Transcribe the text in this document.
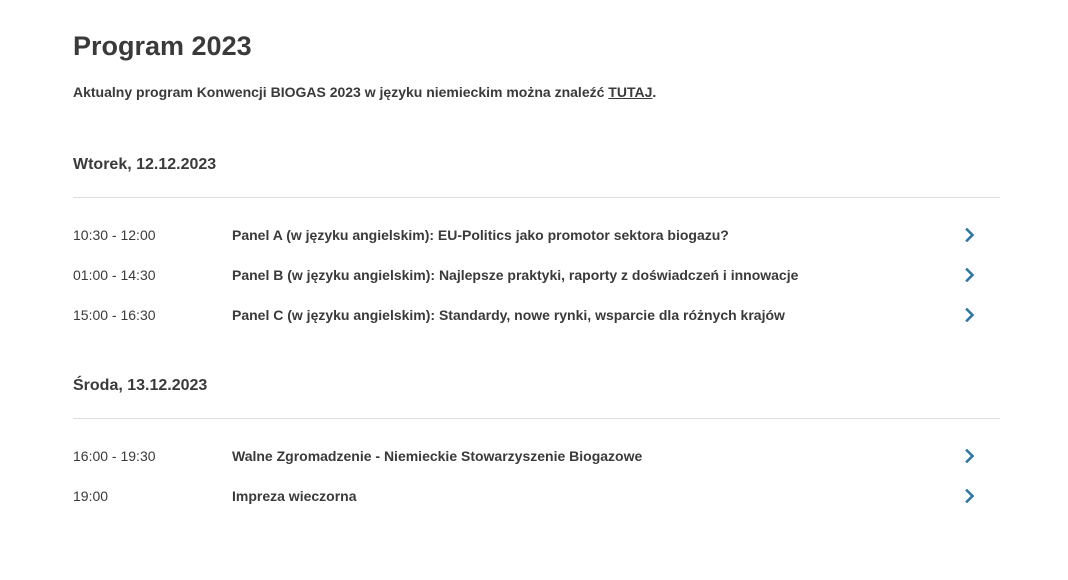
Program 2023

Aktualny program Konwencji BIOGAS 2023 w języku niemieckim można znaleźć TUTAJ.

Wtorek, 12.12.2023
10:30 - 12:00	Panel A (w języku angielskim): EU-Politics jako promotor sektora biogazu?
01:00 - 14:30	Panel B (w języku angielskim): Najlepsze praktyki, raporty z doświadczeń i innowacje
15:00 - 16:30	Panel C (w języku angielskim): Standardy, nowe rynki, wsparcie dla różnych krajów
Środa, 13.12.2023
16:00 - 19:30	Walne Zgromadzenie - Niemieckie Stowarzyszenie Biogazowe
19:00	Impreza wieczorna
